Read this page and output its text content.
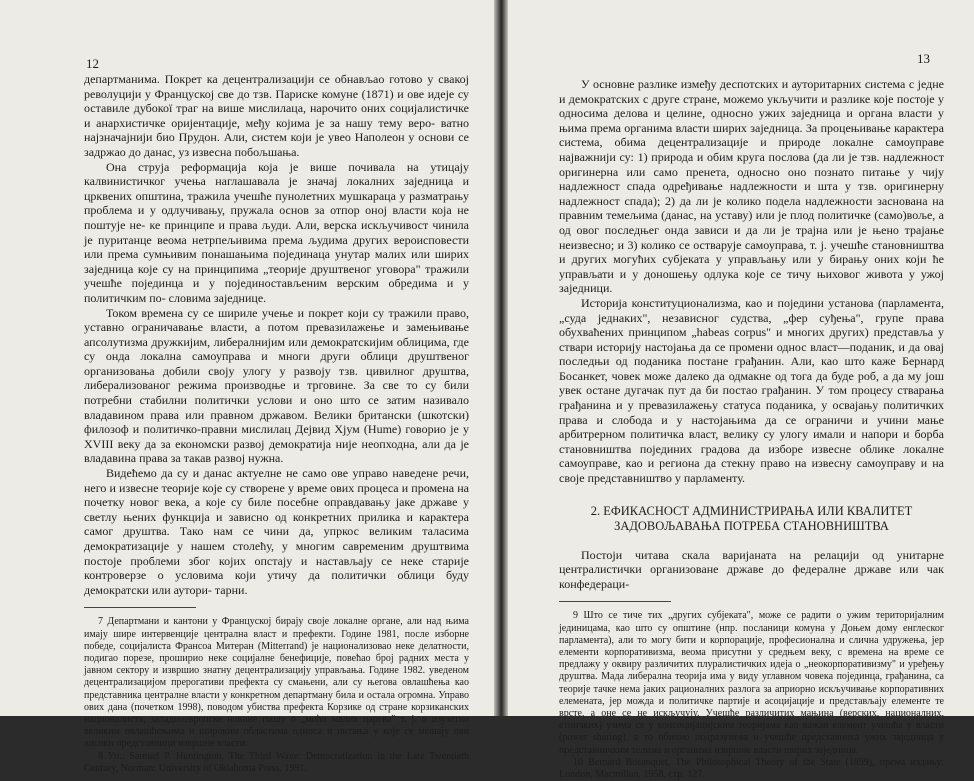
12

департманима. Покрет ка децентрализацији се обнављао готово у свакој револуцији у Француској све до тзв. Париске комуне (1871) и ове идеје су оставиле дубокої траг на више мислилаца, нарочито оних социјалистичке и анархистичке оријентације, међу којима је за нашу тему веро- ватно најзначајнији био Прудон. Али, систем који је увео Наполеон у основи се задржао до данас, уз извесна побољшања.

Она струја реформација која је више почивала на утицају калвинистичког учења наглашавала је значај локалних заједница и црквених општина, тражила учешће пунолетних мушкараца у разматрању проблема и у одлучивању, пружала основ за отпор оној власти која не поштује не- ке принципе и права људи. Али, верска искључивост чинила је пуританце веома нетрпељивима према људима других вероисповести или према сумњивим понашањима појединаца унутар малих или ширих заједница које су на принципима „теорије друштвеног уговора" тражили учешће појединца и у појединостављеним верским обредима и у политичким по- словима заједнице.

Током времена су се шириле учење и покрет који су тражили право, уставно ограничавање власти, а потом превазилажење и замењивање апсолутизма дружкијим, либералнијим или демократскијим облицима, где су онда локална самоуправа и многи други облици друштвеног организовања добили своју улогу у развоју тзв. цивилног друштва, либерализованог режима производње и трговине. За све то су били потребни стабилни политички услови и оно што се затим називало владавином права или правном државом. Велики британски (шкотски) филозоф и политичко-правни мислилац Дејвид Хјум (Hume) говорио је у XVIII веку да за економски развој демократија није неопходна, али да је владавина права за такав развој нужна.

Видећемо да су и данас актуелне не само ове управо наведене речи, него и извесне теорије које су створене у време ових процеса и промена на почетку новог века, а које су биле посебне оправдавању јаке државе у светлу њених функција и зависно од конкретних прилика и карактера самог друштва. Тако нам се чини да, упркос великим таласима демократизације у нашем столећу, у многим савременим друштвима постоје проблеми због којих опстају и настављају се неке старије контроверзе о условима који утичу да политички облици буду демократски или аутори- тарни.

7 Департмани и кантони у Француској бирају своје локалне органе, али над њима имају шире интервенције централна власт и префекти. Године 1981, после изборне победе, социјалиста Франсоа Митеран (Mitterrand) је национализовао неке делатности, подигао порезе, проширио неке социјалне бенефиције, повећао број радних места у јавном сектору и извршио знатну децентрализацију управљања. Године 1982. уведеном децентрализацијом прерогативи префекта су смањени, али су његова овлашћења као представника централне власти у конкретном департману била и остала огромна. Управо ових дана (почетком 1998), поводом убиства префекта Корзике од стране корзиканских националиста, западноевропске новине пишу о „моћи малих царева" т. ј. о изузетно великим овлашћењима и широким областима односа и питања у које се мешају ови високи представници извршне власти.

8 Уп.: Samuel P. Huntington, The Third Wave: Democratization in the Late Twentieth Century, Norman: University of Oklahoma Press, 1991.

13

У основне разлике између деспотских и ауторитарних система с једне и демократских с друге стране, можемо укључити и разлике које постоје у односима делова и целине, односно ужих заједница и органа власти у њима према органима власти ширих заједница. За процењивање карактера система, обима децентрализације и природе локалне самоуправе најважнији су: 1) природа и обим круга послова (да ли је тзв. надлежност оригинерна или само пренета, односно оно познато питање у чију надлежност спада одређивање надлежности и шта у тзв. оригинерну надлежност спада); 2) да ли је колико подела надлежности заснована на правним темељима (данас, на уставу) или је плод политичке (само)воље, а од овог последњег онда зависи и да ли је трајна или је њено трајање неизвесно; и 3) колико се остварује самоуправа, т. ј. учешће становништва и других могућих субјеката у управљању или у бирању оних који ће управљати и у доношењу одлука које се тичу њиховог живота у ужој заједници.

Историја конституционализма, као и поједини установа (парламента, „суда једнаких", независног судства, „фер суђења", групе права обухваћених принципом „habeas corpus" и многих других) представља у ствари историју настојања да се промени однос власт—поданик, и да овај последњи од поданика постане грађанин. Али, као што каже Бернард Босанкет, човек може далеко да одмакне од тога да буде роб, а да му још увек остане дугачак пут да би постао грађанин. У том процесу стварања грађанина и у превазилажењу статуса поданика, у освајању политичких права и слобода и у настојањима да се ограничи и учини мање арбитрерном политичка власт, велику су улогу имали и напори и борба становништва појединих градова да изборе извесне облике локалне самоуправе, као и региона да стекну право на извесну самоуправу и на своје представништво у парламенту.

2. ЕФИКАСНОСТ АДМИНИСТРИРАЊА ИЛИ КВАЛИТЕТ
ЗАДОВОЉАВАЊА ПОТРЕБА СТАНОВНИШТВА

Постоји читава скала варијаната на релацији од унитарне централистички организоване државе до федералне државе или чак конфедераци-

9 Што се тиче тих „других субјеката", може се радити о ужим територијалним јединицама, као што су општине (нпр. посланици комуна у Доњем дому енглеског парламента), али то могу бити и корпорације, професионална и слична удружења, јер елементи корпоративизма, веома присутни у средњем веку, с времена на време се предлажу у оквиру различитих плуралистичких идеја о „неокорпоративизму" и уређењу друштва. Мада либерална теорија има у виду углавном човека појединца, грађанина, са теорије тачке нема јаких рационалних разлога за априорно искључивање корпоративних елемената, јер можда и политичке партије и асоцијације и представљају елементе те врсте, а оне се не искључују. Учешће различитих мањина (верских, националних, етничких) узима се у консоцијацијским теоријама као важан елемент учешћа у власти (power sharing), а то обично подразумева и учешће представника ужих заједница у представничким телима и органима извршне власти ширих заједница.

10 Bernard Bosanquet, The Philosophical Theory of the State (1899), према издању: London, Macmillan, 1958, стр. 127.
